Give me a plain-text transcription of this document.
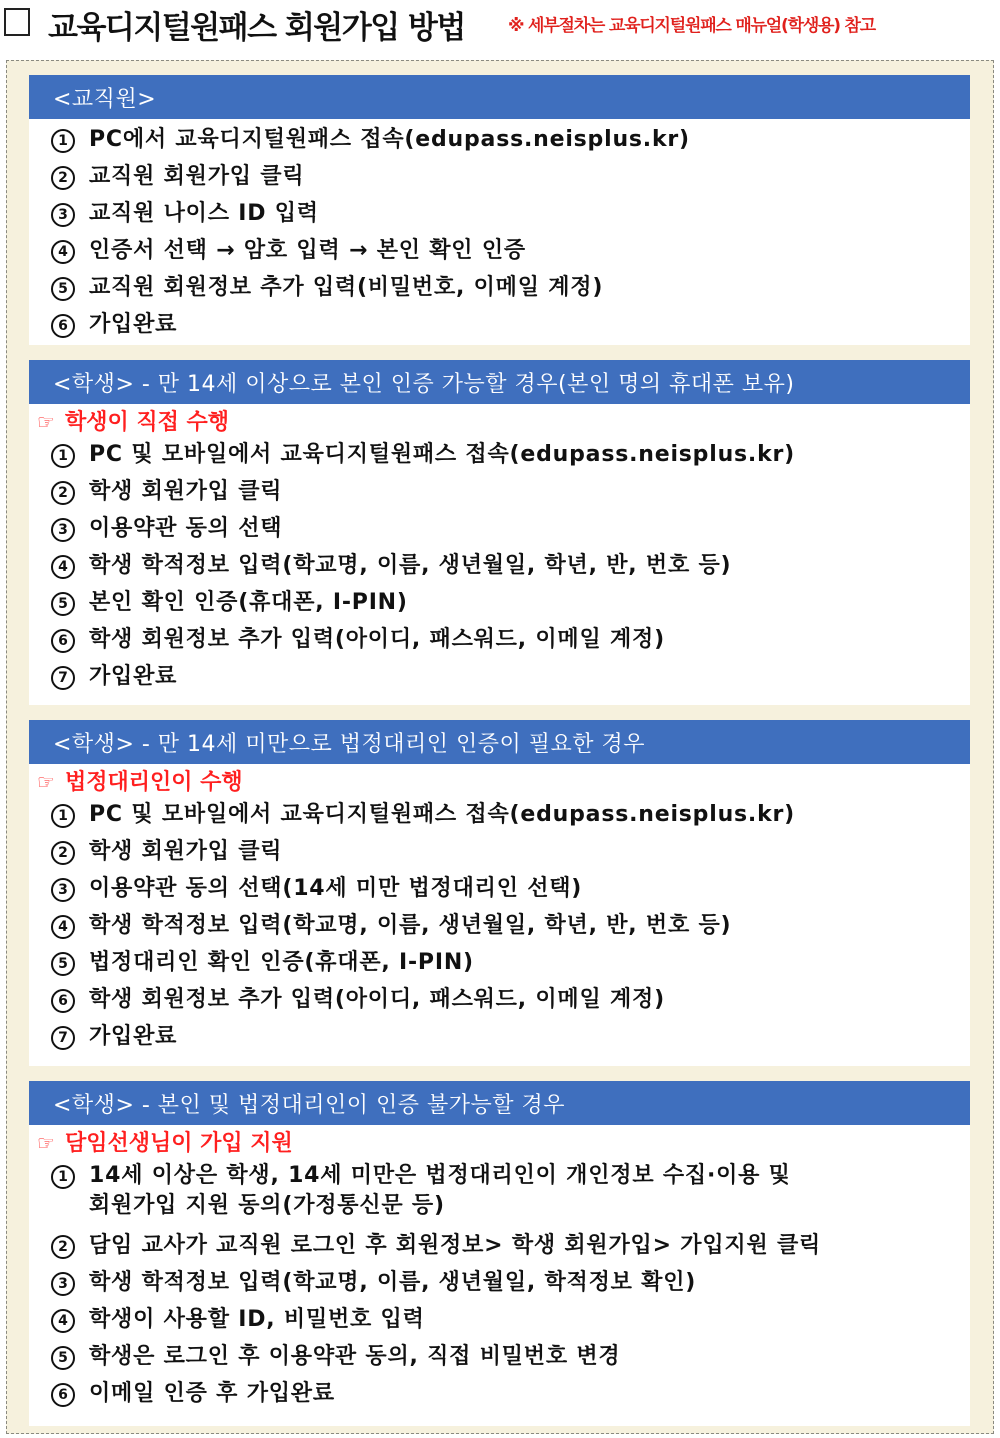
교육디지털원패스 회원가입 방법	※ 세부절차는 교육디지털원패스 매뉴얼(학생용) 참고
<교직원>
1 PC에서 교육디지털원패스 접속(edupass.neisplus.kr)
2 교직원 회원가입 클릭
3 교직원 나이스 ID 입력
4 인증서 선택 → 암호 입력 → 본인 확인 인증
5 교직원 회원정보 추가 입력(비밀번호, 이메일 계정)
6 가입완료
<학생> - 만 14세 이상으로 본인 인증 가능할 경우(본인 명의 휴대폰 보유)
☞ 학생이 직접 수행
1 PC 및 모바일에서 교육디지털원패스 접속(edupass.neisplus.kr)
2 학생 회원가입 클릭
3 이용약관 동의 선택
4 학생 학적정보 입력(학교명, 이름, 생년월일, 학년, 반, 번호 등)
5 본인 확인 인증(휴대폰, I-PIN)
6 학생 회원정보 추가 입력(아이디, 패스워드, 이메일 계정)
7 가입완료
<학생> - 만 14세 미만으로 법정대리인 인증이 필요한 경우
☞ 법정대리인이 수행
1 PC 및 모바일에서 교육디지털원패스 접속(edupass.neisplus.kr)
2 학생 회원가입 클릭
3 이용약관 동의 선택(14세 미만 법정대리인 선택)
4 학생 학적정보 입력(학교명, 이름, 생년월일, 학년, 반, 번호 등)
5 법정대리인 확인 인증(휴대폰, I-PIN)
6 학생 회원정보 추가 입력(아이디, 패스워드, 이메일 계정)
7 가입완료
<학생> - 본인 및 법정대리인이 인증 불가능할 경우
☞ 담임선생님이 가입 지원
1 14세 이상은 학생, 14세 미만은 법정대리인이 개인정보 수집·이용 및
회원가입 지원 동의(가정통신문 등)
2 담임 교사가 교직원 로그인 후 회원정보> 학생 회원가입> 가입지원 클릭
3 학생 학적정보 입력(학교명, 이름, 생년월일, 학적정보 확인)
4 학생이 사용할 ID, 비밀번호 입력
5 학생은 로그인 후 이용약관 동의, 직접 비밀번호 변경
6 이메일 인증 후 가입완료
